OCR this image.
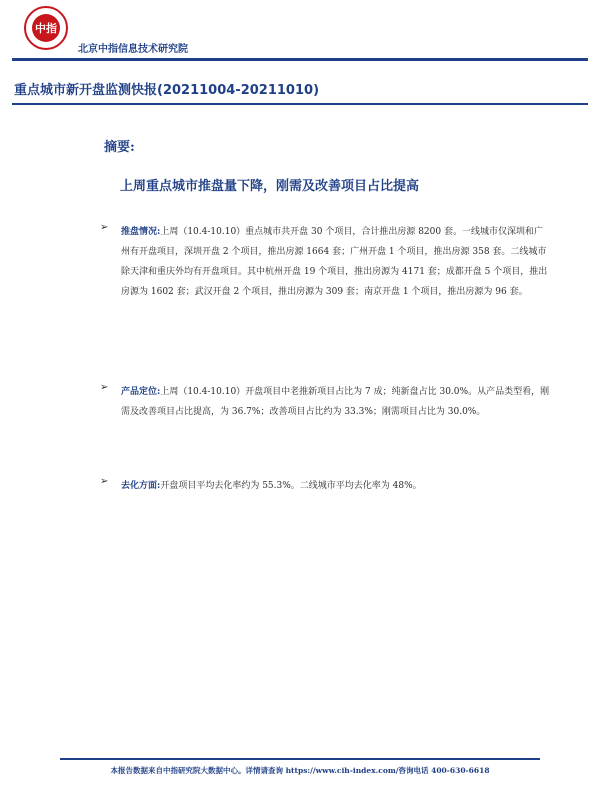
中指
北京中指信息技术研究院
重点城市新开盘监测快报(20211004-20211010)
摘要:
上周重点城市推盘量下降，刚需及改善项目占比提高
➢ 推盘情况:上周（10.4-10.10）重点城市共开盘 30 个项目，合计推出房源 8200 套。一线城市仅深圳和广州有开盘项目，深圳开盘 2 个项目，推出房源 1664 套；广州开盘 1 个项目，推出房源 358 套。二线城市除天津和重庆外均有开盘项目。其中杭州开盘 19 个项目，推出房源为 4171 套；成都开盘 5 个项目，推出房源为 1602 套；武汉开盘 2 个项目，推出房源为 309 套；南京开盘 1 个项目，推出房源为 96 套。
➢ 产品定位:上周（10.4-10.10）开盘项目中老推新项目占比为 7 成；纯新盘占比 30.0%。从产品类型看，刚需及改善项目占比提高，为 36.7%；改善项目占比约为 33.3%；刚需项目占比为 30.0%。
➢ 去化方面:开盘项目平均去化率约为 55.3%。二线城市平均去化率为 48%。
本报告数据来自中指研究院大数据中心。详情请查询 https://www.cih-index.com/咨询电话 400-630-6618
